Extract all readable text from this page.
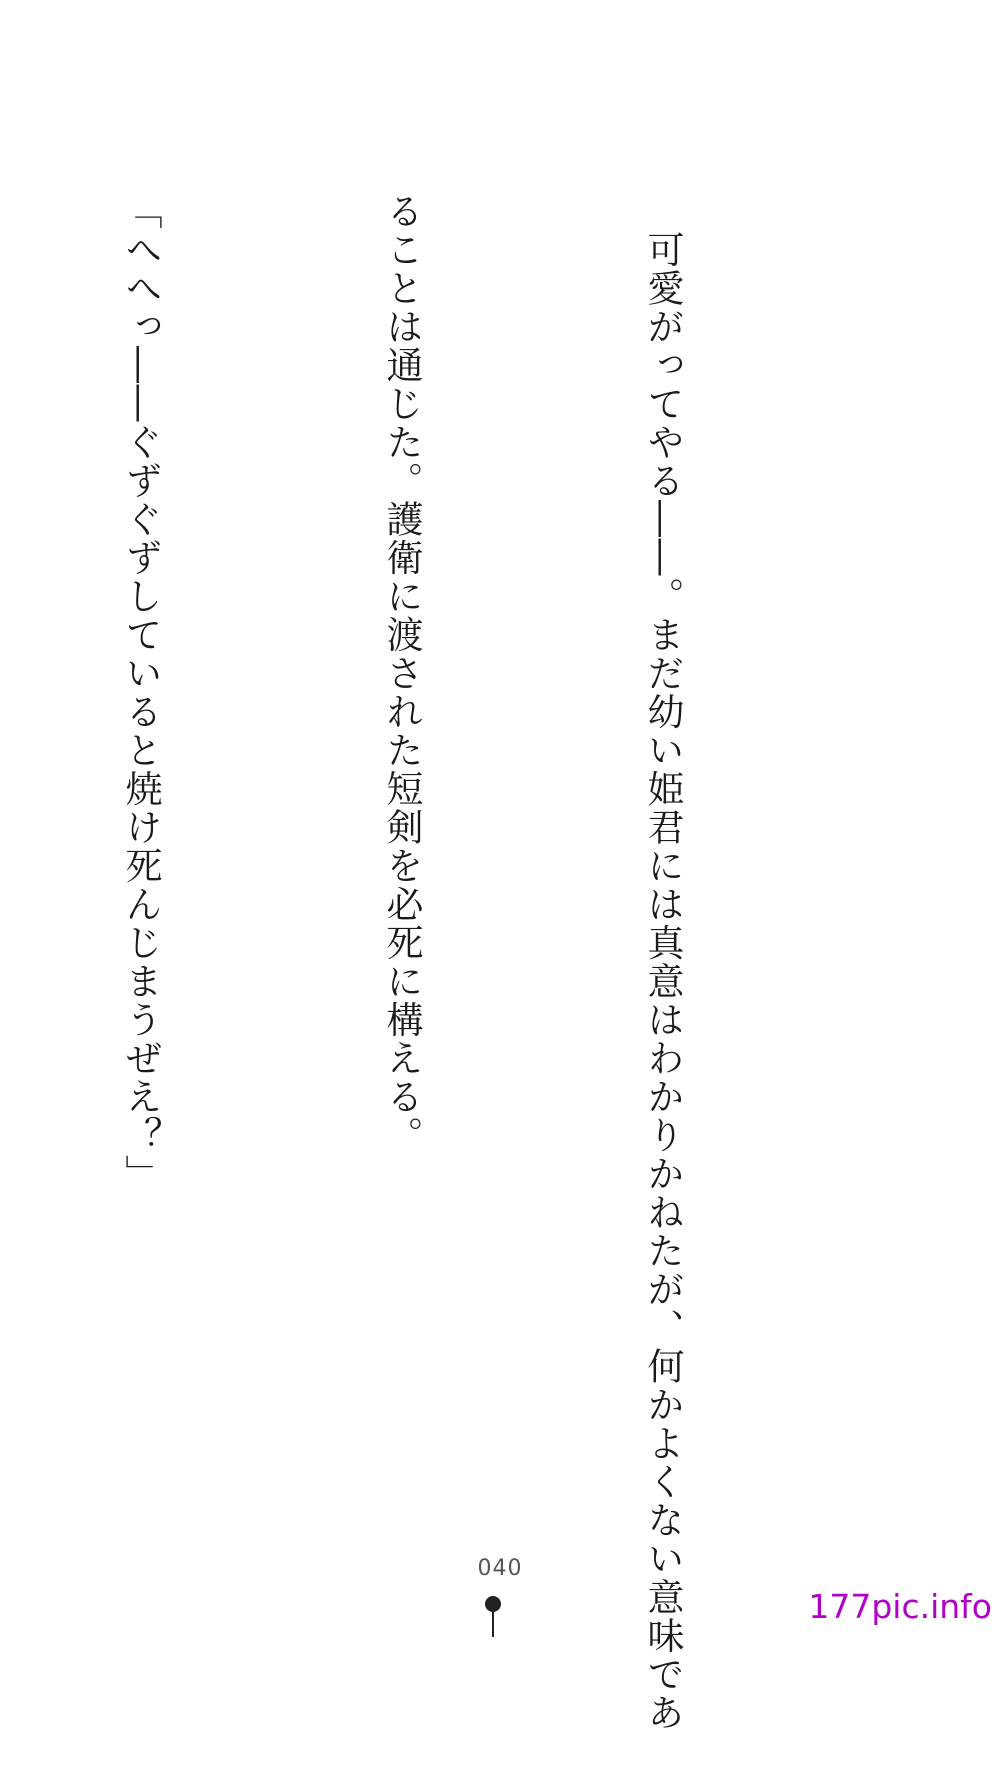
　可愛がってやる――。まだ幼い姫君には真意はわかりかねたが、何かよくない意味であ

ることは通じた。護衛に渡された短剣を必死に構える。

「へへっ――ぐずぐずしていると焼け死んじまうぜえ？」

040
177pic.info
